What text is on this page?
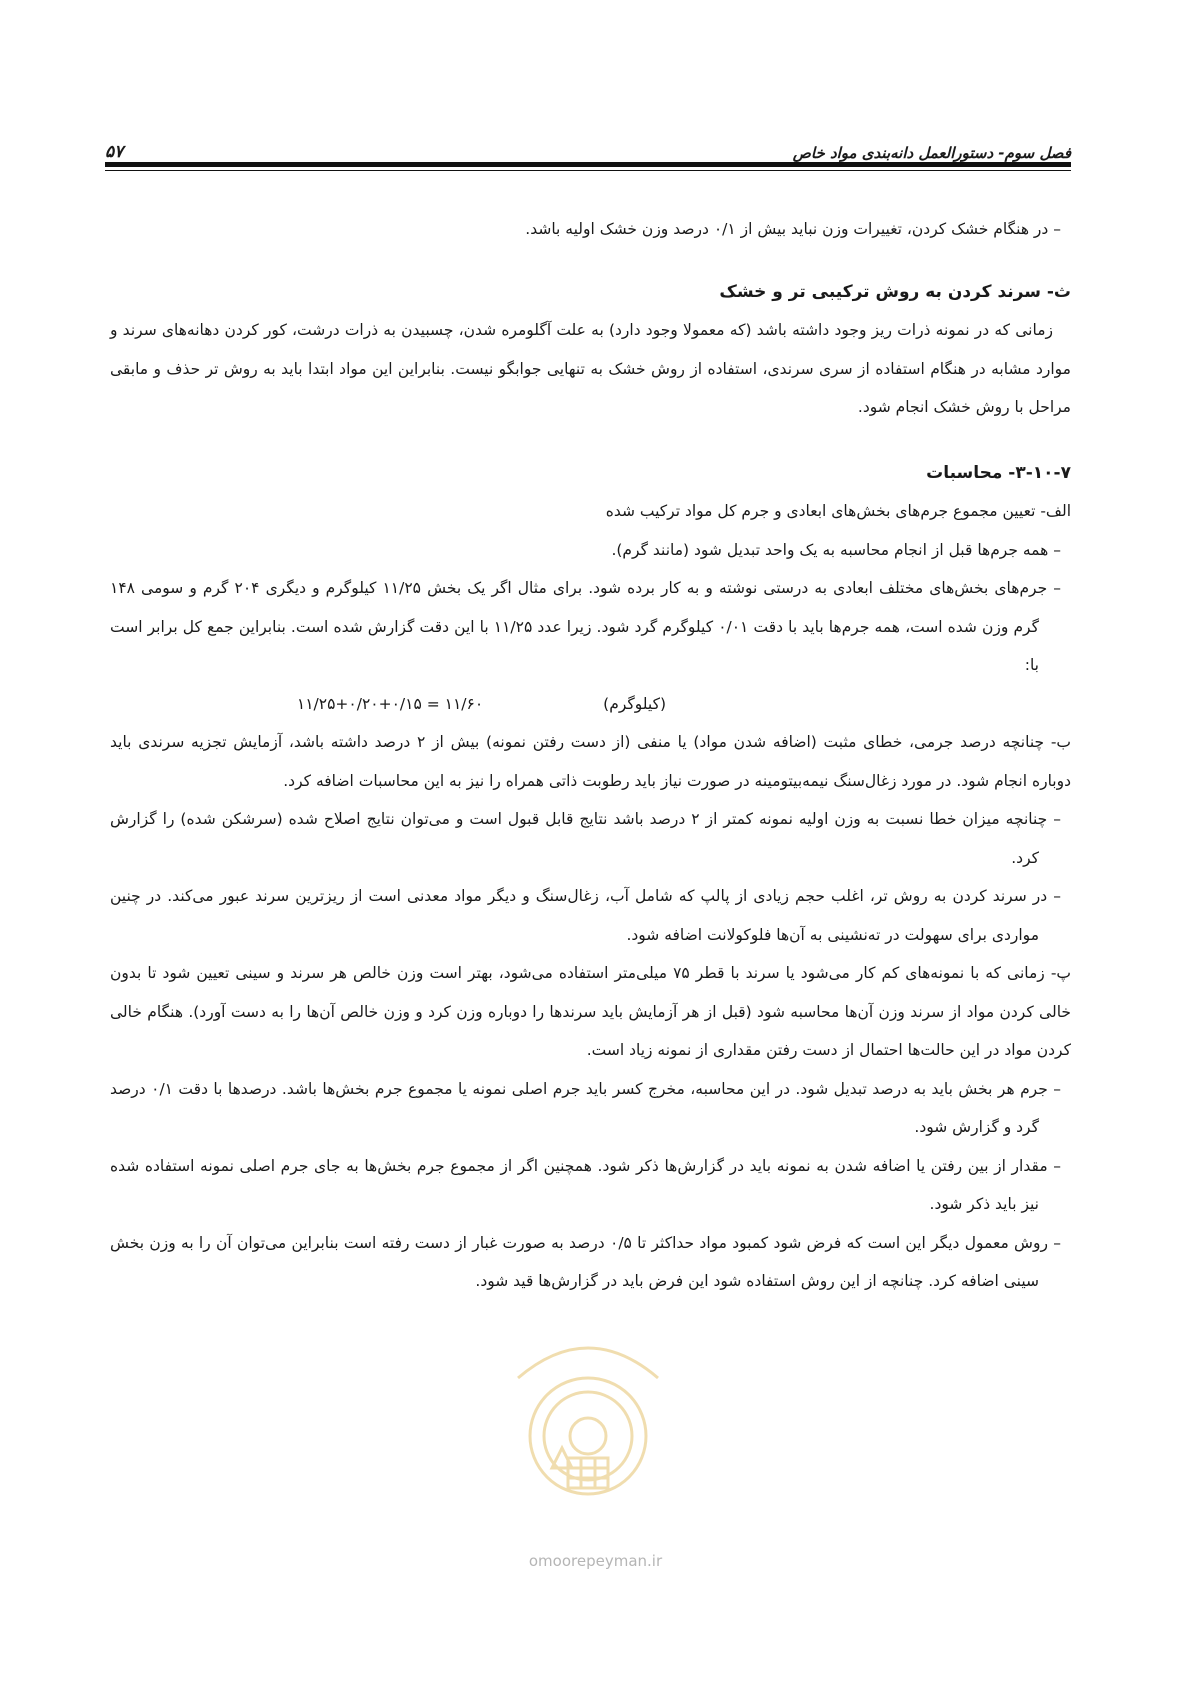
فصل سوم- دستورالعمل دانه‌بندی مواد خاص
۵۷

– در هنگام خشک کردن، تغییرات وزن نباید بیش از ۰/۱ درصد وزن خشک اولیه باشد.

ث- سرند کردن به روش ترکیبی تر و خشک

زمانی که در نمونه ذرات ریز وجود داشته باشد (که معمولا وجود دارد) به علت آگلومره شدن، چسبیدن به ذرات درشت، کور کردن دهانه‌های سرند و موارد مشابه در هنگام استفاده از سری سرندی، استفاده از روش خشک به تنهایی جوابگو نیست. بنابراین این مواد ابتدا باید به روش تر حذف و مابقی مراحل با روش خشک انجام شود.

۳-۱۰-۷- محاسبات

الف- تعیین مجموع جرم‌های بخش‌های ابعادی و جرم کل مواد ترکیب شده

– همه جرم‌ها قبل از انجام محاسبه به یک واحد تبدیل شود (مانند گرم).

– جرم‌های بخش‌های مختلف ابعادی به درستی نوشته و به کار برده شود. برای مثال اگر یک بخش ۱۱/۲۵ کیلوگرم و دیگری ۲۰۴ گرم و سومی ۱۴۸ گرم وزن شده است، همه جرم‌ها باید با دقت ۰/۰۱ کیلوگرم گرد شود. زیرا عدد ۱۱/۲۵ با این دقت گزارش شده است. بنابراین جمع کل برابر است با:

(کیلوگرم)
۱۱/۲۵+۰/۲۰+۰/۱۵ = ۱۱/۶۰

ب- چنانچه درصد جرمی، خطای مثبت (اضافه شدن مواد) یا منفی (از دست رفتن نمونه) بیش از ۲ درصد داشته باشد، آزمایش تجزیه سرندی باید دوباره انجام شود. در مورد زغال‌سنگ نیمه‌بیتومینه در صورت نیاز باید رطوبت ذاتی همراه را نیز به این محاسبات اضافه کرد.

– چنانچه میزان خطا نسبت به وزن اولیه نمونه کمتر از ۲ درصد باشد نتایج قابل قبول است و می‌توان نتایج اصلاح شده (سرشکن شده) را گزارش کرد.

– در سرند کردن به روش تر، اغلب حجم زیادی از پالپ که شامل آب، زغال‌سنگ و دیگر مواد معدنی است از ریزترین سرند عبور می‌کند. در چنین مواردی برای سهولت در ته‌نشینی به آن‌ها فلوکولانت اضافه شود.

پ- زمانی که با نمونه‌های کم کار می‌شود یا سرند با قطر ۷۵ میلی‌متر استفاده می‌شود، بهتر است وزن خالص هر سرند و سینی تعیین شود تا بدون خالی کردن مواد از سرند وزن آن‌ها محاسبه شود (قبل از هر آزمایش باید سرندها را دوباره وزن کرد و وزن خالص آن‌ها را به دست آورد). هنگام خالی کردن مواد در این حالت‌ها احتمال از دست رفتن مقداری از نمونه زیاد است.

– جرم هر بخش باید به درصد تبدیل شود. در این محاسبه، مخرج کسر باید جرم اصلی نمونه یا مجموع جرم بخش‌ها باشد. درصدها با دقت ۰/۱ درصد گرد و گزارش شود.

– مقدار از بین رفتن یا اضافه شدن به نمونه باید در گزارش‌ها ذکر شود. همچنین اگر از مجموع جرم بخش‌ها به جای جرم اصلی نمونه استفاده شده نیز باید ذکر شود.

– روش معمول دیگر این است که فرض شود کمبود مواد حداکثر تا ۰/۵ درصد به صورت غبار از دست رفته است بنابراین می‌توان آن را به وزن بخش سینی اضافه کرد. چنانچه از این روش استفاده شود این فرض باید در گزارش‌ها قید شود.

omoorepeyman.ir
